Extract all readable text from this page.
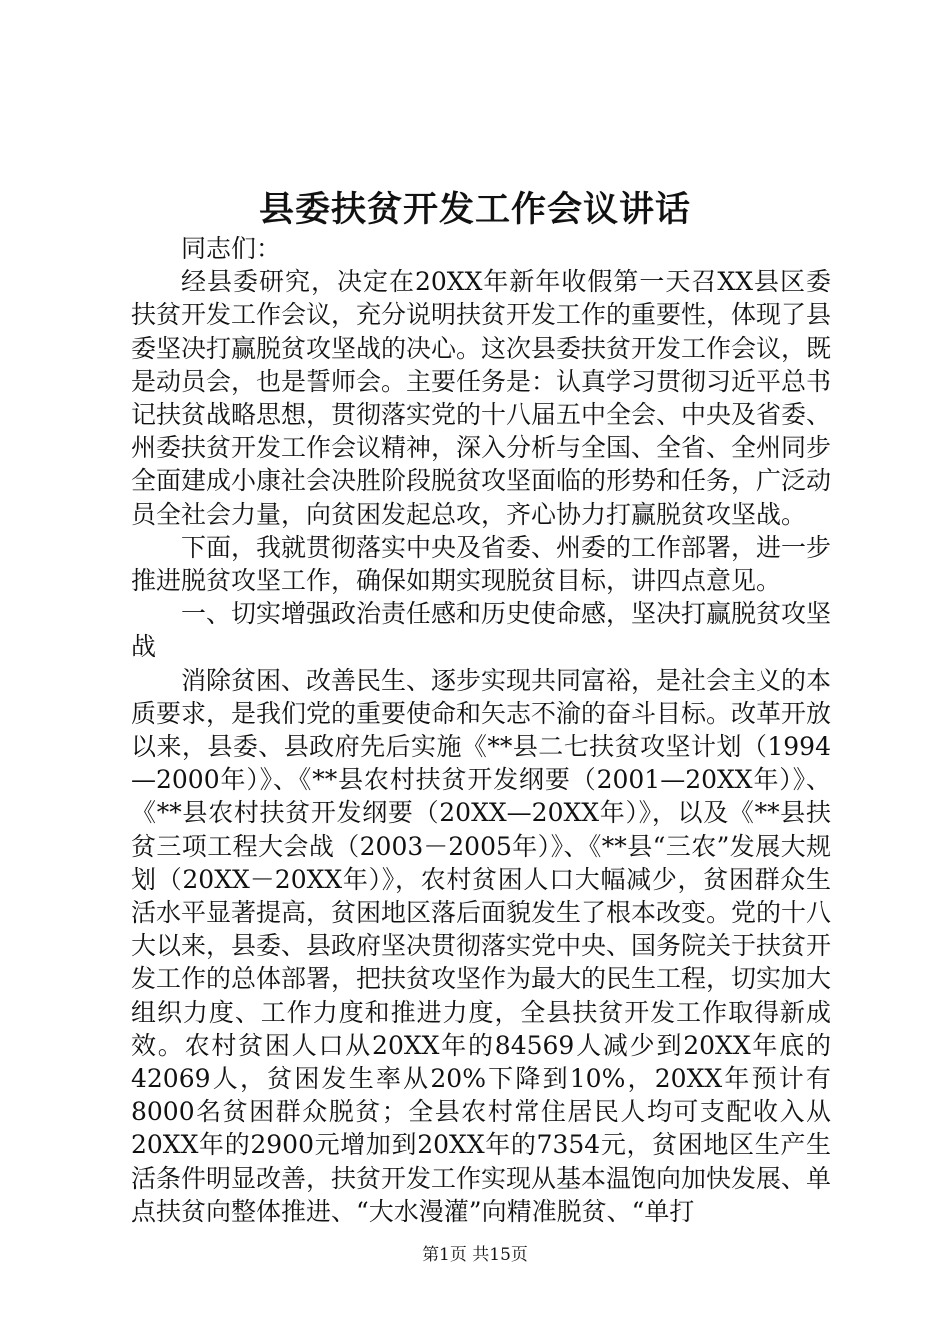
县委扶贫开发工作会议讲话

同志们：

经县委研究，决定在20XX年新年收假第一天召XX县区委扶贫开发工作会议，充分说明扶贫开发工作的重要性，体现了县委坚决打赢脱贫攻坚战的决心。这次县委扶贫开发工作会议，既是动员会，也是誓师会。主要任务是：认真学习贯彻习近平总书记扶贫战略思想，贯彻落实党的十八届五中全会、中央及省委、州委扶贫开发工作会议精神，深入分析与全国、全省、全州同步全面建成小康社会决胜阶段脱贫攻坚面临的形势和任务，广泛动员全社会力量，向贫困发起总攻，齐心协力打赢脱贫攻坚战。

下面，我就贯彻落实中央及省委、州委的工作部署，进一步推进脱贫攻坚工作，确保如期实现脱贫目标，讲四点意见。

一、切实增强政治责任感和历史使命感，坚决打赢脱贫攻坚战

消除贫困、改善民生、逐步实现共同富裕，是社会主义的本质要求，是我们党的重要使命和矢志不渝的奋斗目标。改革开放以来，县委、县政府先后实施《**县二七扶贫攻坚计划（1994—2000年）》、《**县农村扶贫开发纲要（2001—20XX年）》、《**县农村扶贫开发纲要（20XX—20XX年）》，以及《**县扶贫三项工程大会战（2003－2005年）》、《**县“三农”发展大规划（20XX－20XX年）》，农村贫困人口大幅减少，贫困群众生活水平显著提高，贫困地区落后面貌发生了根本改变。党的十八大以来，县委、县政府坚决贯彻落实党中央、国务院关于扶贫开发工作的总体部署，把扶贫攻坚作为最大的民生工程，切实加大组织力度、工作力度和推进力度，全县扶贫开发工作取得新成效。农村贫困人口从20XX年的84569人减少到20XX年底的42069人，贫困发生率从20%下降到10%，20XX年预计有8000名贫困群众脱贫；全县农村常住居民人均可支配收入从20XX年的2900元增加到20XX年的7354元，贫困地区生产生活条件明显改善，扶贫开发工作实现从基本温饱向加快发展、单点扶贫向整体推进、“大水漫灌”向精准脱贫、“单打

第1页 共15页
